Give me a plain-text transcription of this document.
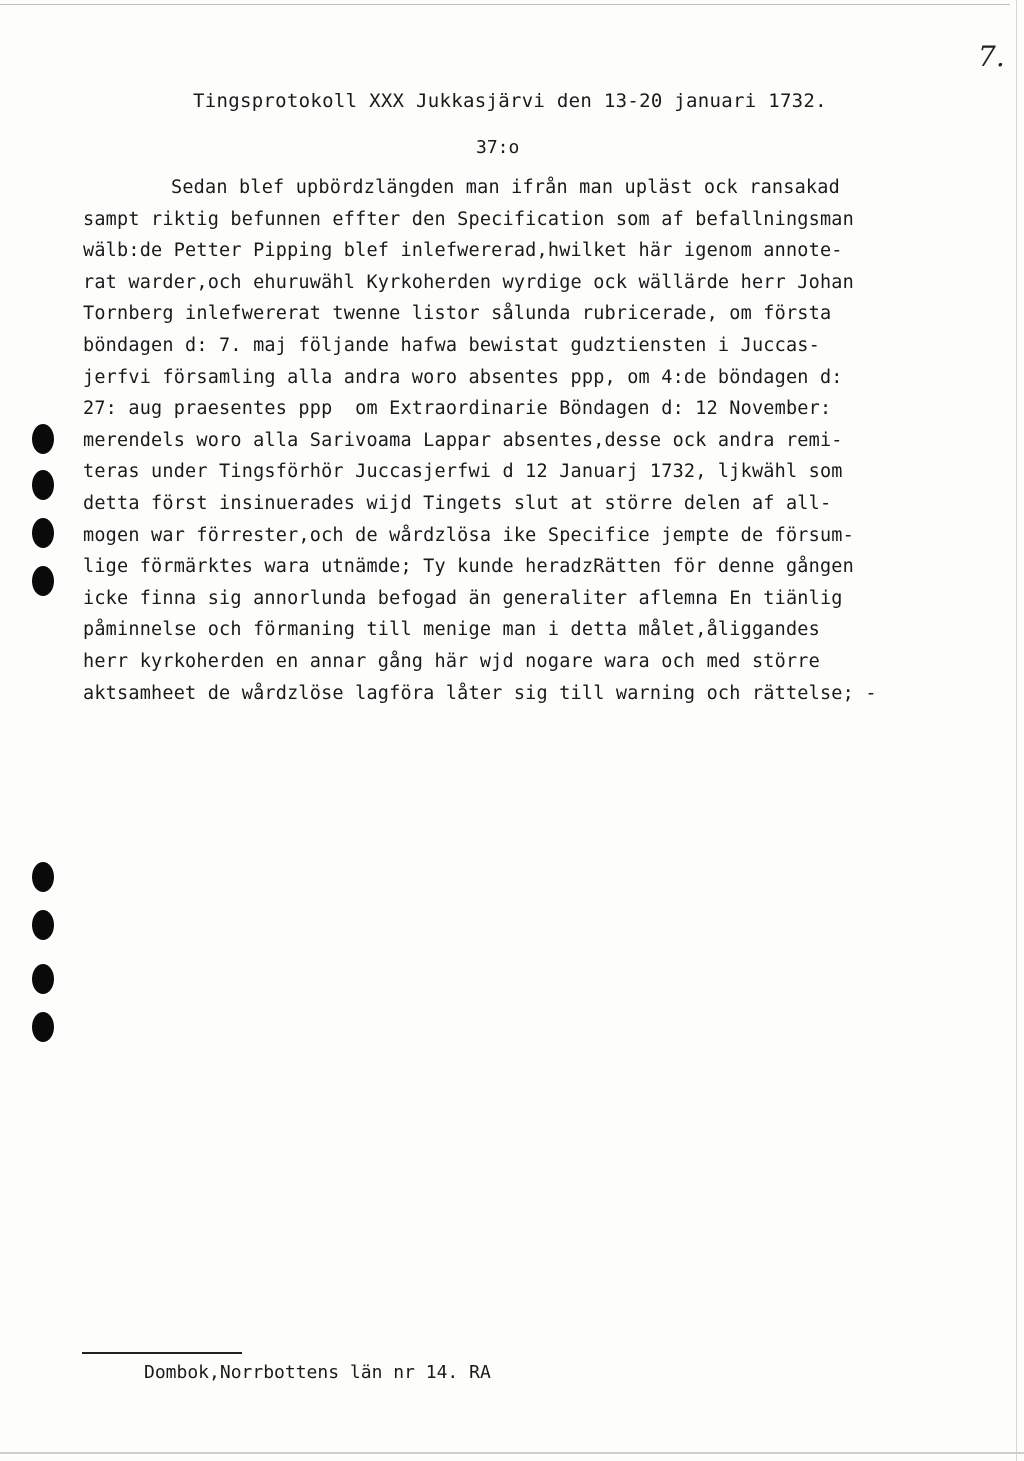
7.
Tingsprotokoll XXX Jukkasjärvi den 13-20 januari 1732.
37:o
Sedan blef upbördzlängden man ifrån man upläst ock ransakad
sampt riktig befunnen effter den Specification som af befallningsman
wälb:de Petter Pipping blef inlefwererad,hwilket här igenom annote-
rat warder,och ehuruwähl Kyrkoherden wyrdige ock wällärde herr Johan
Tornberg inlefwererat twenne listor sålunda rubricerade, om första
böndagen d: 7. maj följande hafwa bewistat gudztiensten i Juccas-
jerfvi församling alla andra woro absentes ppp, om 4:de böndagen d:
27: aug praesentes ppp  om Extraordinarie Böndagen d: 12 November:
merendels woro alla Sarivoama Lappar absentes,desse ock andra remi-
teras under Tingsförhör Juccasjerfwi d 12 Januarj 1732, ljkwähl som
detta först insinuerades wijd Tingets slut at större delen af all-
mogen war förrester,och de wårdzlösa ike Specifice jempte de försum-
lige förmärktes wara utnämde; Ty kunde heradzRätten för denne gången
icke finna sig annorlunda befogad än generaliter aflemna En tiänlig
påminnelse och förmaning till menige man i detta målet,åliggandes
herr kyrkoherden en annar gång här wjd nogare wara och med större
aktsamheet de wårdzlöse lagföra låter sig till warning och rättelse; -
Dombok,Norrbottens län nr 14. RA
